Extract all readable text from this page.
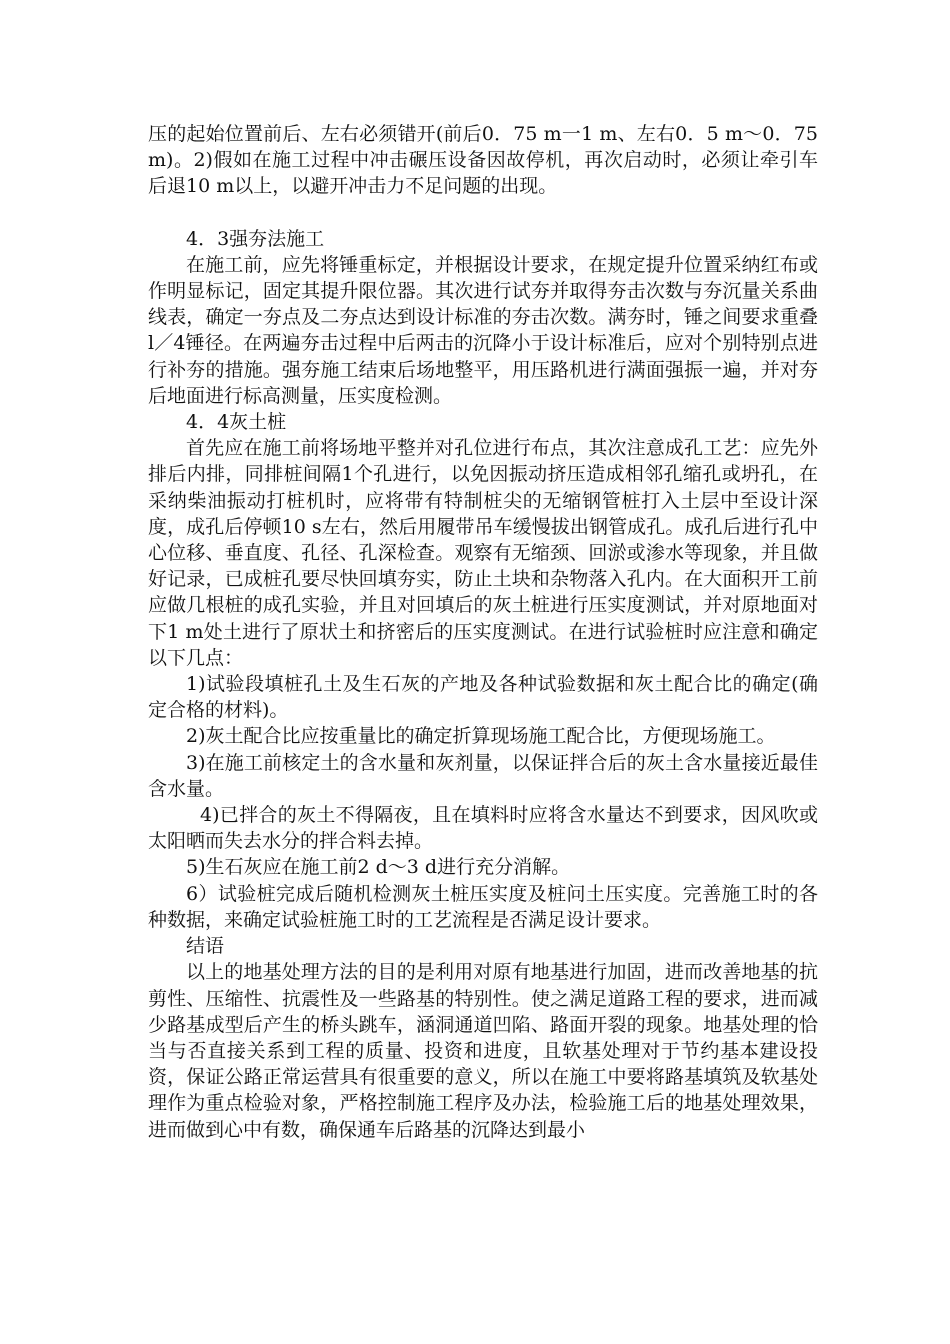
压的起始位置前后、左右必须错开(前后0．75 m一1 m、左右0．5 m～0．75 m)。2)假如在施工过程中冲击碾压设备因故停机，再次启动时，必须让牵引车后退10 m以上，以避开冲击力不足问题的出现。

4．3强夯法施工

在施工前，应先将锤重标定，并根据设计要求，在规定提升位置采纳红布或作明显标记，固定其提升限位器。其次进行试夯并取得夯击次数与夯沉量关系曲线表，确定一夯点及二夯点达到设计标准的夯击次数。满夯时，锤之间要求重叠l／4锤径。在两遍夯击过程中后两击的沉降小于设计标准后，应对个别特别点进行补夯的措施。强夯施工结束后场地整平，用压路机进行满面强振一遍，并对夯后地面进行标高测量，压实度检测。

4．4灰土桩

首先应在施工前将场地平整并对孔位进行布点，其次注意成孔工艺：应先外排后内排，同排桩间隔1个孔进行，以免因振动挤压造成相邻孔缩孔或坍孔，在采纳柴油振动打桩机时，应将带有特制桩尖的无缩钢管桩打入土层中至设计深度，成孔后停顿10 s左右，然后用履带吊车缓慢拔出钢管成孔。成孔后进行孔中心位移、垂直度、孔径、孔深检查。观察有无缩颈、回淤或渗水等现象，并且做好记录，已成桩孔要尽快回填夯实，防止土块和杂物落入孔内。在大面积开工前应做几根桩的成孔实验，并且对回填后的灰土桩进行压实度测试，并对原地面对下1 m处土进行了原状土和挤密后的压实度测试。在进行试验桩时应注意和确定以下几点：

1)试验段填桩孔土及生石灰的产地及各种试验数据和灰土配合比的确定(确定合格的材料)。

2)灰土配合比应按重量比的确定折算现场施工配合比，方便现场施工。

3)在施工前核定土的含水量和灰剂量，以保证拌合后的灰土含水量接近最佳含水量。

4)已拌合的灰土不得隔夜，且在填料时应将含水量达不到要求，因风吹或太阳晒而失去水分的拌合料去掉。

5)生石灰应在施工前2 d～3 d进行充分消解。

6）试验桩完成后随机检测灰土桩压实度及桩问土压实度。完善施工时的各种数据，来确定试验桩施工时的工艺流程是否满足设计要求。

结语

以上的地基处理方法的目的是利用对原有地基进行加固，进而改善地基的抗剪性、压缩性、抗震性及一些路基的特别性。使之满足道路工程的要求，进而减少路基成型后产生的桥头跳车，涵洞通道凹陷、路面开裂的现象。地基处理的恰当与否直接关系到工程的质量、投资和进度，且软基处理对于节约基本建设投资，保证公路正常运营具有很重要的意义，所以在施工中要将路基填筑及软基处理作为重点检验对象，严格控制施工程序及办法，检验施工后的地基处理效果，进而做到心中有数，确保通车后路基的沉降达到最小
